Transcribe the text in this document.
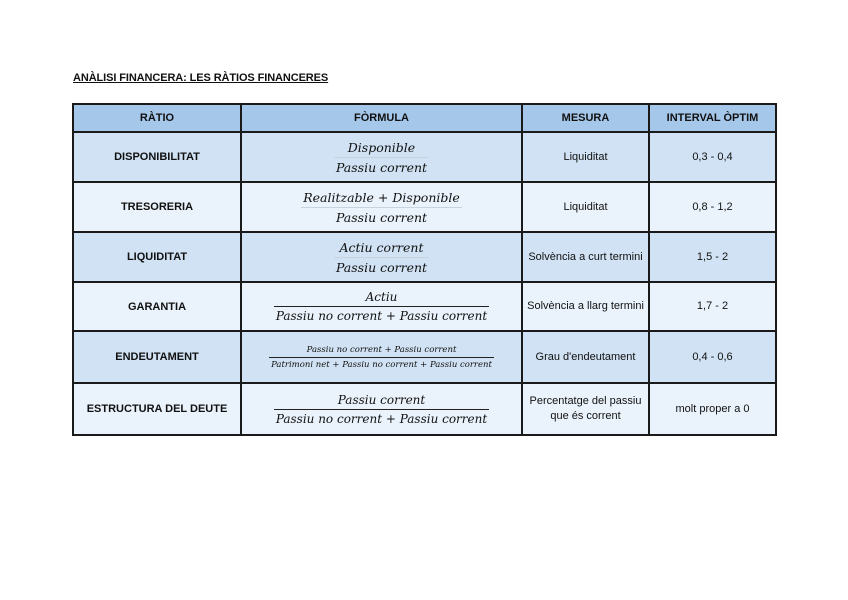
ANÀLISI FINANCERA: LES RÀTIOS FINANCERES
RÀTIO	FÒRMULA	MESURA	INTERVAL ÒPTIM
DISPONIBILITAT	$\frac{\text{Disponible}}{\text{Passiu corrent}}$	Liquiditat	0,3 - 0,4
TRESORERIA	$\frac{\text{Realitzable + Disponible}}{\text{Passiu corrent}}$	Liquiditat	0,8 - 1,2
LIQUIDITAT	$\frac{\text{Actiu corrent}}{\text{Passiu corrent}}$	Solvència a curt termini	1,5 - 2
GARANTIA	$\frac{\text{Actiu}}{\text{Passiu no corrent + Passiu corrent}}$	Solvència a llarg termini	1,7 - 2
ENDEUTAMENT	$\frac{\text{Passiu no corrent + Passiu corrent}}{\text{Patrimoni net + Passiu no corrent + Passiu corrent}}$	Grau d'endeutament	0,4 - 0,6
ESTRUCTURA DEL DEUTE	$\frac{\text{Passiu corrent}}{\text{Passiu no corrent + Passiu corrent}}$	Percentatge del passiu que és corrent	molt proper a 0
